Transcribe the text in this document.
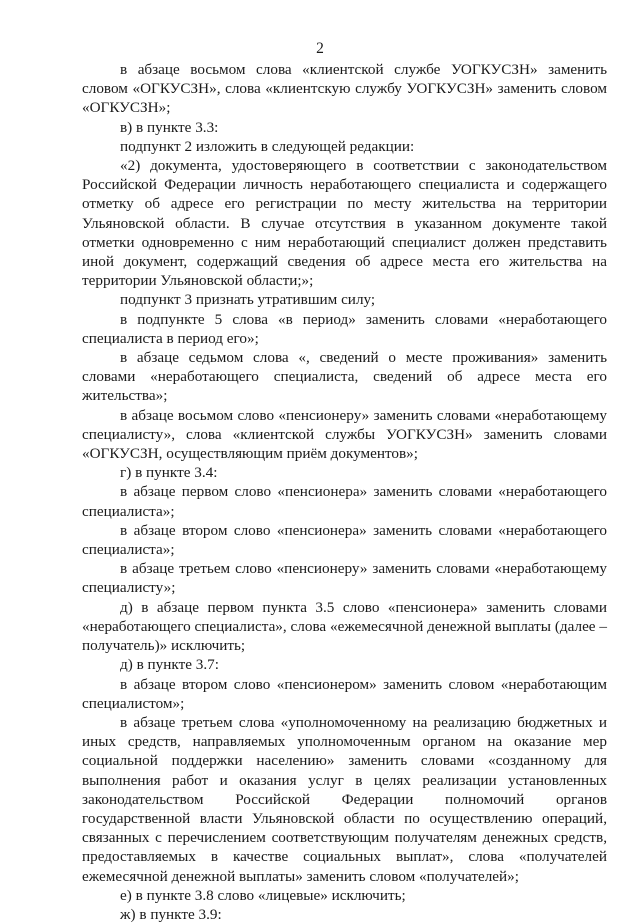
2

в абзаце восьмом слова «клиентской службе УОГКУСЗН» заменить словом «ОГКУСЗН», слова «клиентскую службу УОГКУСЗН» заменить словом «ОГКУСЗН»;

в) в пункте 3.3:

подпункт 2 изложить в следующей редакции:

«2) документа, удостоверяющего в соответствии с законодательством Российской Федерации личность неработающего специалиста и содержащего отметку об адресе его регистрации по месту жительства на территории Ульяновской области. В случае отсутствия в указанном документе такой отметки одновременно с ним неработающий специалист должен представить иной документ, содержащий сведения об адресе места его жительства на территории Ульяновской области;»;

подпункт 3 признать утратившим силу;

в подпункте 5 слова «в период» заменить словами «неработающего специалиста в период его»;

в абзаце седьмом слова «, сведений о месте проживания» заменить словами «неработающего специалиста, сведений об адресе места его жительства»;

в абзаце восьмом слово «пенсионеру» заменить словами «неработающему специалисту», слова «клиентской службы УОГКУСЗН» заменить словами «ОГКУСЗН, осуществляющим приём документов»;

г) в пункте 3.4:

в абзаце первом слово «пенсионера» заменить словами «неработающего специалиста»;

в абзаце втором слово «пенсионера» заменить словами «неработающего специалиста»;

в абзаце третьем слово «пенсионеру» заменить словами «неработающему специалисту»;

д) в абзаце первом пункта 3.5 слово «пенсионера» заменить словами «неработающего специалиста», слова «ежемесячной денежной выплаты (далее – получатель)» исключить;

д) в пункте 3.7:

в абзаце втором слово «пенсионером» заменить словом «неработающим специалистом»;

в абзаце третьем слова «уполномоченному на реализацию бюджетных и иных средств, направляемых уполномоченным органом на оказание мер социальной поддержки населению» заменить словами «созданному для выполнения работ и оказания услуг в целях реализации установленных законодательством Российской Федерации полномочий органов государственной власти Ульяновской области по осуществлению операций, связанных с перечислением соответствующим получателям денежных средств, предоставляемых в качестве социальных выплат», слова «получателей ежемесячной денежной выплаты» заменить словом «получателей»;

е) в пункте 3.8 слово «лицевые» исключить;

ж) в пункте 3.9:
